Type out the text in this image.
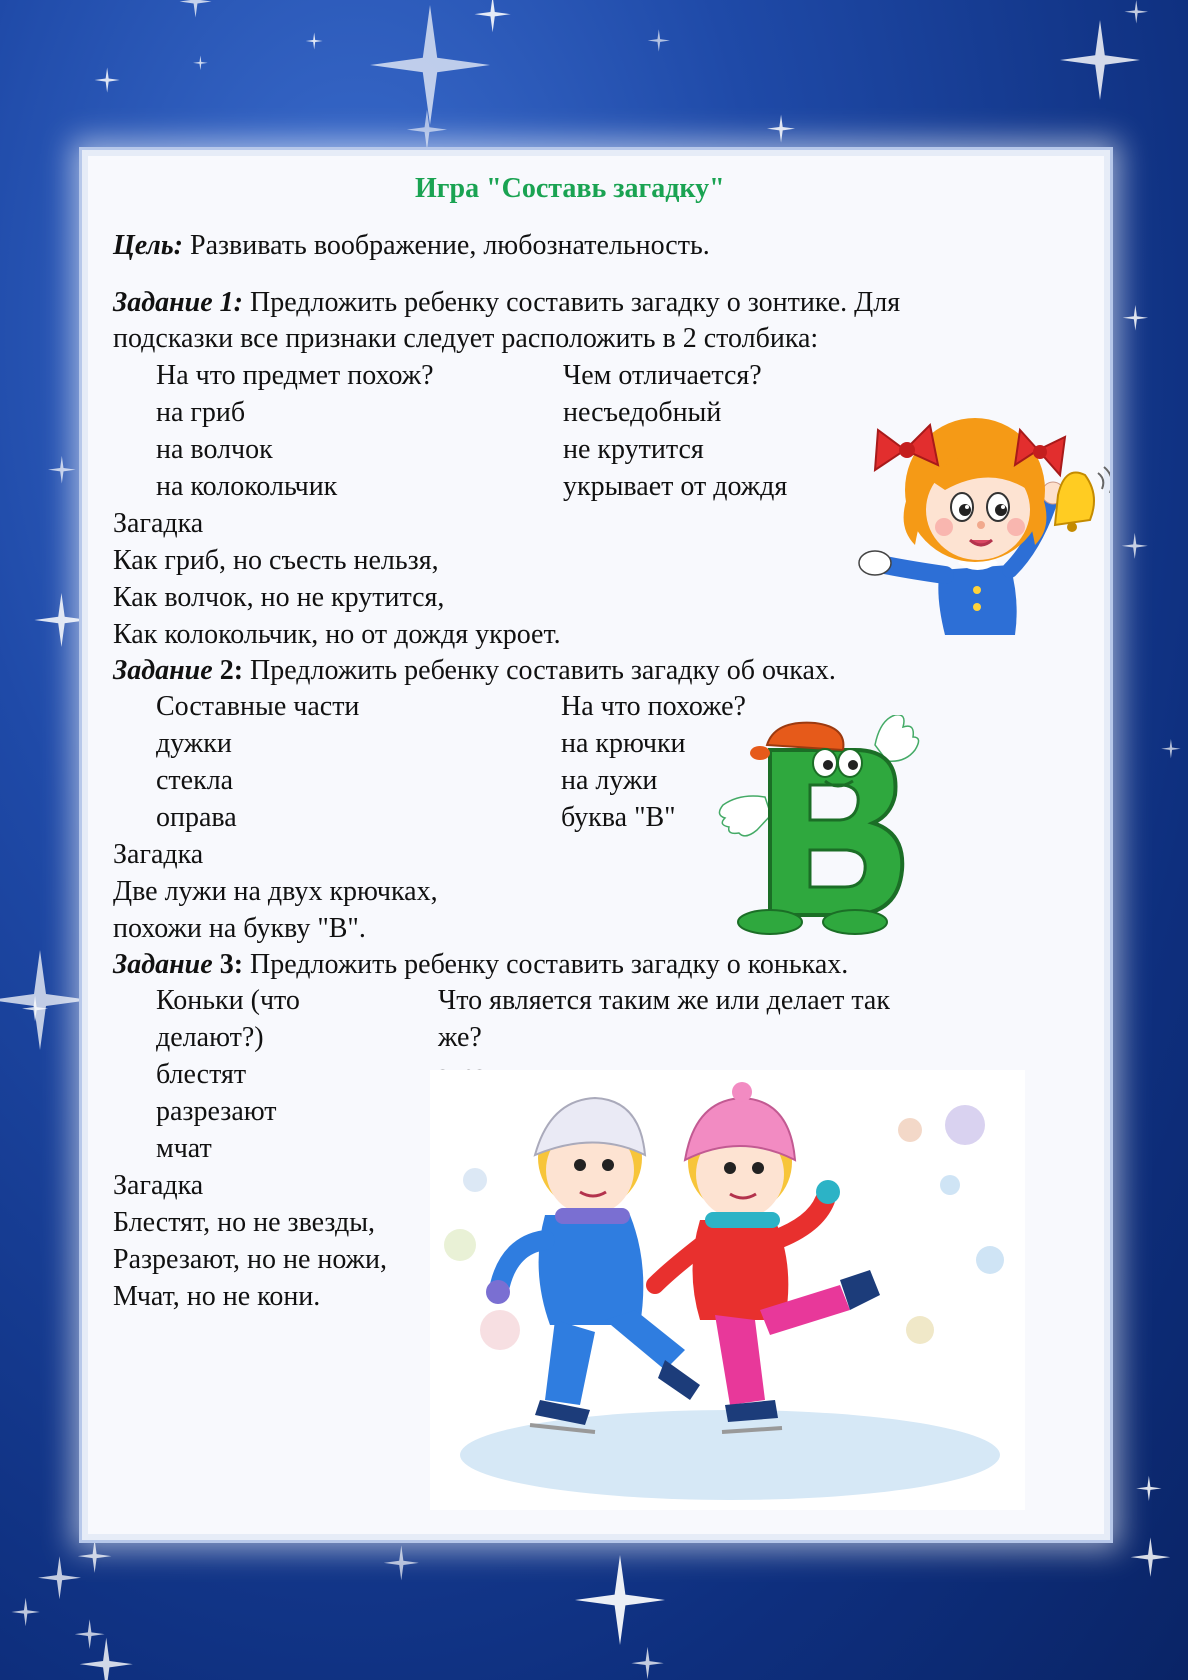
Игра "Составь загадку"
Цель: Развивать воображение, любознательность.
Задание 1: Предложить ребенку составить загадку о зонтике. Для
подсказки все признаки следует расположить в 2 столбика:
На что предмет похож?	Чем отличается?
на гриб	несъедобный
на волчок	не крутится
на колокольчик	укрывает от дождя
Загадка
Как гриб, но съесть нельзя,
Как волчок, но не крутится,
Как колокольчик, но от дождя укроет.
Задание 2: Предложить ребенку составить загадку об очках.
Составные части	На что похоже?
дужки	на крючки
стекла	на лужи
оправа	буква "В"
Загадка
Две лужи на двух крючках,
похожи на букву "В".
Задание 3: Предложить ребенку составить загадку о коньках.
Коньки (что	Что является таким же или делает так
делают?)	же?
блестят
разрезают
мчат
Загадка
Блестят, но не звезды,
Разрезают, но не ножи,
Мчат, но не кони.
